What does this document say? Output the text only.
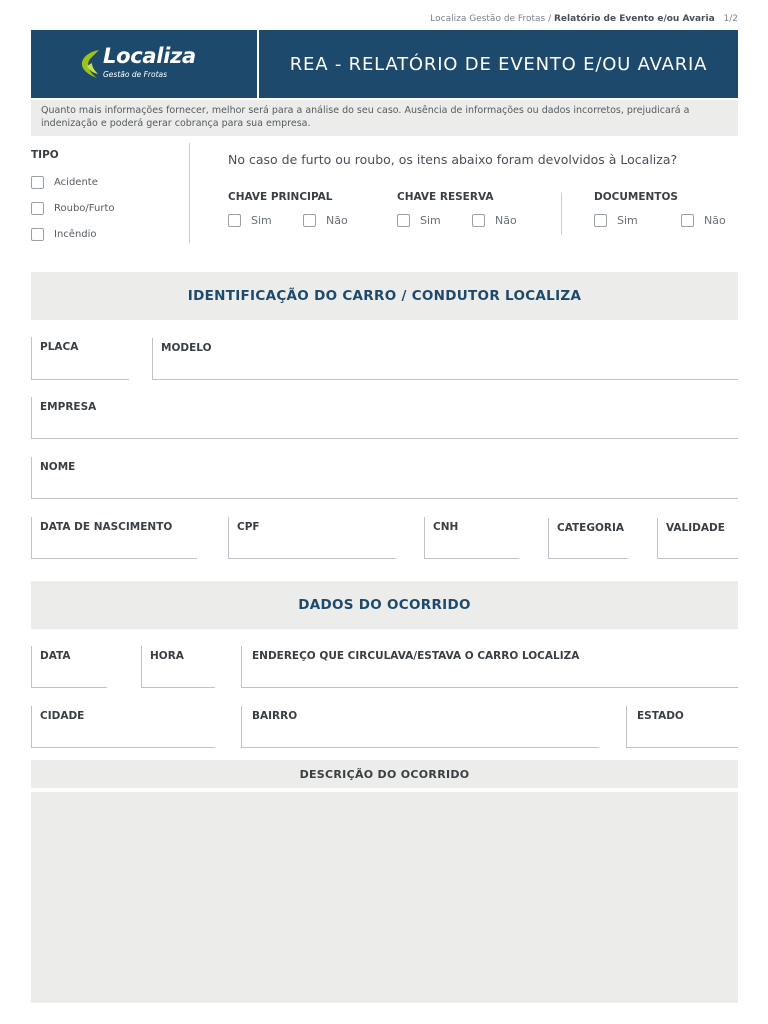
Localiza Gestão de Frotas / Relatório de Evento e/ou Avaria 1/2
Localiza
Gestão de Frotas	REA - RELATÓRIO DE EVENTO E/OU AVARIA
Quanto mais informações fornecer, melhor será para a análise do seu caso. Ausência de informações ou dados incorretos, prejudicará a indenização e poderá gerar cobrança para sua empresa.
TIPO
Acidente
Roubo/Furto
Incêndio
No caso de furto ou roubo, os itens abaixo foram devolvidos à Localiza?
CHAVE PRINCIPAL
Sim	Não
CHAVE RESERVA
Sim	Não
DOCUMENTOS
Sim	Não
IDENTIFICAÇÃO DO CARRO / CONDUTOR LOCALIZA
PLACA	MODELO
EMPRESA
NOME
DATA DE NASCIMENTO	CPF	CNH	CATEGORIA	VALIDADE
DADOS DO OCORRIDO
DATA	HORA	ENDEREÇO QUE CIRCULAVA/ESTAVA O CARRO LOCALIZA
CIDADE	BAIRRO	ESTADO
DESCRIÇÃO DO OCORRIDO
